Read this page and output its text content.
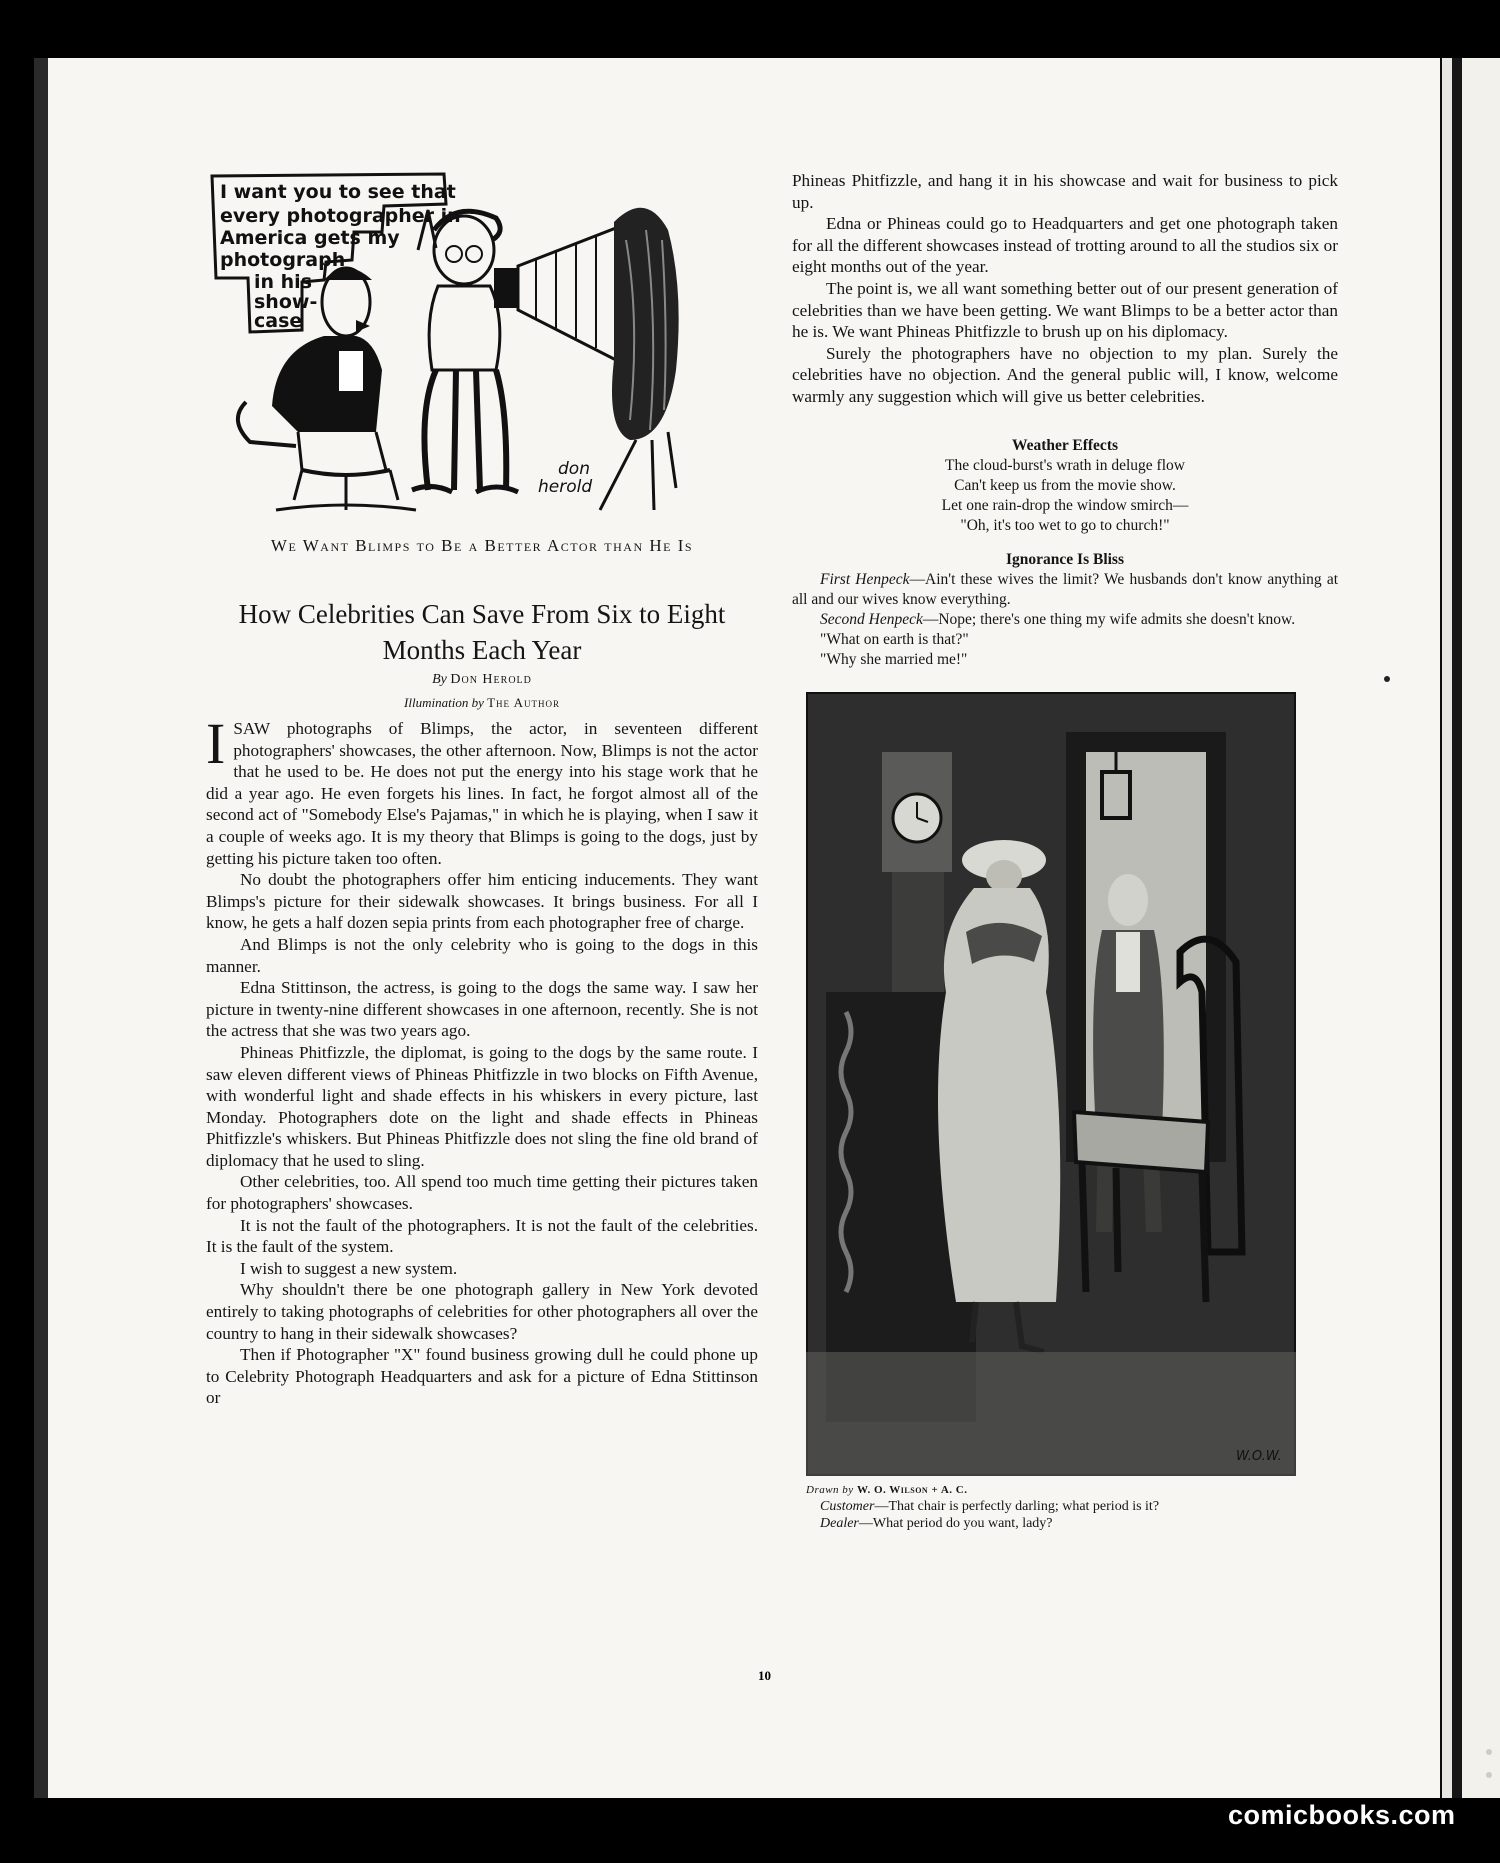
I want you to see that
every photographer in
America gets my
photograph
in his
show-
case
don
herold
We Want Blimps to Be a Better Actor than He Is
How Celebrities Can Save From Six to Eight Months Each Year

By Don Herold

Illumination by The Author

ISAW photographs of Blimps, the actor, in seventeen different photographers' showcases, the other afternoon. Now, Blimps is not the actor that he used to be. He does not put the energy into his stage work that he did a year ago. He even forgets his lines. In fact, he forgot almost all of the second act of "Somebody Else's Pajamas," in which he is playing, when I saw it a couple of weeks ago. It is my theory that Blimps is going to the dogs, just by getting his picture taken too often.

No doubt the photographers offer him enticing inducements. They want Blimps's picture for their sidewalk showcases. It brings business. For all I know, he gets a half dozen sepia prints from each photographer free of charge.

And Blimps is not the only celebrity who is going to the dogs in this manner.

Edna Stittinson, the actress, is going to the dogs the same way. I saw her picture in twenty-nine different showcases in one afternoon, recently. She is not the actress that she was two years ago.

Phineas Phitfizzle, the diplomat, is going to the dogs by the same route. I saw eleven different views of Phineas Phitfizzle in two blocks on Fifth Avenue, with wonderful light and shade effects in his whiskers in every picture, last Monday. Photographers dote on the light and shade effects in Phineas Phitfizzle's whiskers. But Phineas Phitfizzle does not sling the fine old brand of diplomacy that he used to sling.

Other celebrities, too. All spend too much time getting their pictures taken for photographers' showcases.

It is not the fault of the photographers. It is not the fault of the celebrities. It is the fault of the system.

I wish to suggest a new system.

Why shouldn't there be one photograph gallery in New York devoted entirely to taking photographs of celebrities for other photographers all over the country to hang in their sidewalk showcases?

Then if Photographer "X" found business growing dull he could phone up to Celebrity Photograph Headquarters and ask for a picture of Edna Stittinson or

Phineas Phitfizzle, and hang it in his showcase and wait for business to pick up.

Edna or Phineas could go to Headquarters and get one photograph taken for all the different showcases instead of trotting around to all the studios six or eight months out of the year.

The point is, we all want something better out of our present generation of celebrities than we have been getting. We want Blimps to be a better actor than he is. We want Phineas Phitfizzle to brush up on his diplomacy.

Surely the photographers have no objection to my plan. Surely the celebrities have no objection. And the general public will, I know, welcome warmly any suggestion which will give us better celebrities.

Weather Effects

The cloud-burst's wrath in deluge flow

Can't keep us from the movie show.

Let one rain-drop the window smirch—

"Oh, it's too wet to go to church!"

Ignorance Is Bliss

First Henpeck—Ain't these wives the limit? We husbands don't know anything at all and our wives know everything.

Second Henpeck—Nope; there's one thing my wife admits she doesn't know.

"What on earth is that?"

"Why she married me!"

W.O.W.

Drawn by W. O. Wilson + A. C.

Customer—That chair is perfectly darling; what period is it?

Dealer—What period do you want, lady?

10
comicbooks.com
